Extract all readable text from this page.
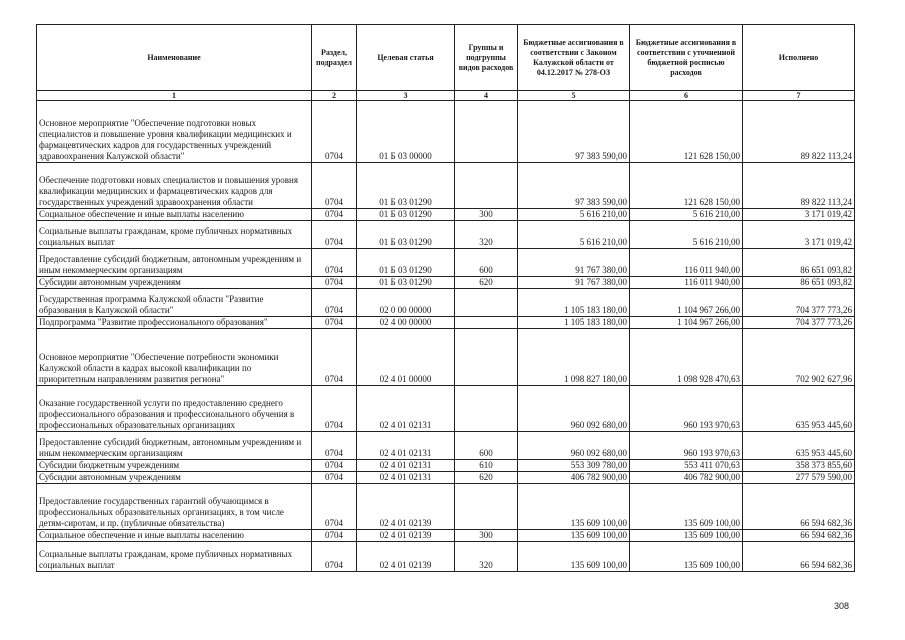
Наименование	Раздел, подраздел	Целевая статья	Группы и подгруппы видов расходов	Бюджетные ассигнования в соответствии с Законом Калужской области от 04.12.2017 № 278-ОЗ	Бюджетные ассигнования в соответствии с уточненной бюджетной росписью расходов	Исполнено
1	2	3	4	5	6	7
Основное мероприятие "Обеспечение подготовки новых специалистов и повышение уровня квалификации медицинских и фармацевтических кадров для государственных учреждений здравоохранения Калужской области"	0704	01 Б 03 00000		97 383 590,00	121 628 150,00	89 822 113,24
Обеспечение подготовки новых специалистов и повышения уровня квалификации медицинских и фармацевтических кадров для государственных учреждений здравоохранения области	0704	01 Б 03 01290		97 383 590,00	121 628 150,00	89 822 113,24
Социальное обеспечение и иные выплаты населению	0704	01 Б 03 01290	300	5 616 210,00	5 616 210,00	3 171 019,42
Социальные выплаты гражданам, кроме публичных нормативных социальных выплат	0704	01 Б 03 01290	320	5 616 210,00	5 616 210,00	3 171 019,42
Предоставление субсидий бюджетным, автономным учреждениям и иным некоммерческим организациям	0704	01 Б 03 01290	600	91 767 380,00	116 011 940,00	86 651 093,82
Субсидии автономным учреждениям	0704	01 Б 03 01290	620	91 767 380,00	116 011 940,00	86 651 093,82
Государственная программа Калужской области "Развитие образования в Калужской области"	0704	02 0 00 00000		1 105 183 180,00	1 104 967 266,00	704 377 773,26
Подпрограмма "Развитие профессионального образования"	0704	02 4 00 00000		1 105 183 180,00	1 104 967 266,00	704 377 773,26
Основное мероприятие "Обеспечение потребности экономики Калужской области в кадрах высокой квалификации по приоритетным направлениям развития региона"	0704	02 4 01 00000		1 098 827 180,00	1 098 928 470,63	702 902 627,96
Оказание государственной услуги по предоставлению среднего профессионального образования и профессионального обучения в профессиональных образовательных организациях	0704	02 4 01 02131		960 092 680,00	960 193 970,63	635 953 445,60
Предоставление субсидий бюджетным, автономным учреждениям и иным некоммерческим организациям	0704	02 4 01 02131	600	960 092 680,00	960 193 970,63	635 953 445,60
Субсидии бюджетным учреждениям	0704	02 4 01 02131	610	553 309 780,00	553 411 070,63	358 373 855,60
Субсидии автономным учреждениям	0704	02 4 01 02131	620	406 782 900,00	406 782 900,00	277 579 590,00
Предоставление государственных гарантий обучающимся в профессиональных образовательных организациях, в том числе детям-сиротам, и пр. (публичные обязательства)	0704	02 4 01 02139		135 609 100,00	135 609 100,00	66 594 682,36
Социальное обеспечение и иные выплаты населению	0704	02 4 01 02139	300	135 609 100,00	135 609 100,00	66 594 682,36
Социальные выплаты гражданам, кроме публичных нормативных социальных выплат	0704	02 4 01 02139	320	135 609 100,00	135 609 100,00	66 594 682,36
308
